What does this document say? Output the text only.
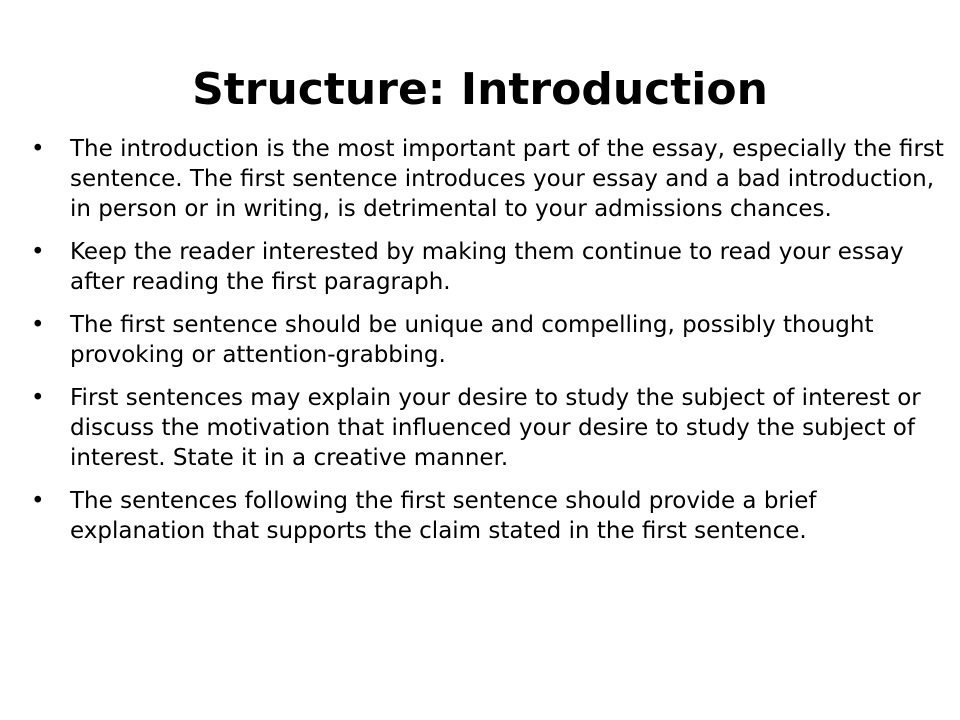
Structure: Introduction
• The introduction is the most important part of the essay, especially the first sentence. The first sentence introduces your essay and a bad introduction, in person or in writing, is detrimental to your admissions chances.
• Keep the reader interested by making them continue to read your essay after reading the first paragraph.
• The first sentence should be unique and compelling, possibly thought provoking or attention-grabbing.
• First sentences may explain your desire to study the subject of interest or discuss the motivation that influenced your desire to study the subject of interest. State it in a creative manner.
• The sentences following the first sentence should provide a brief explanation that supports the claim stated in the first sentence.
